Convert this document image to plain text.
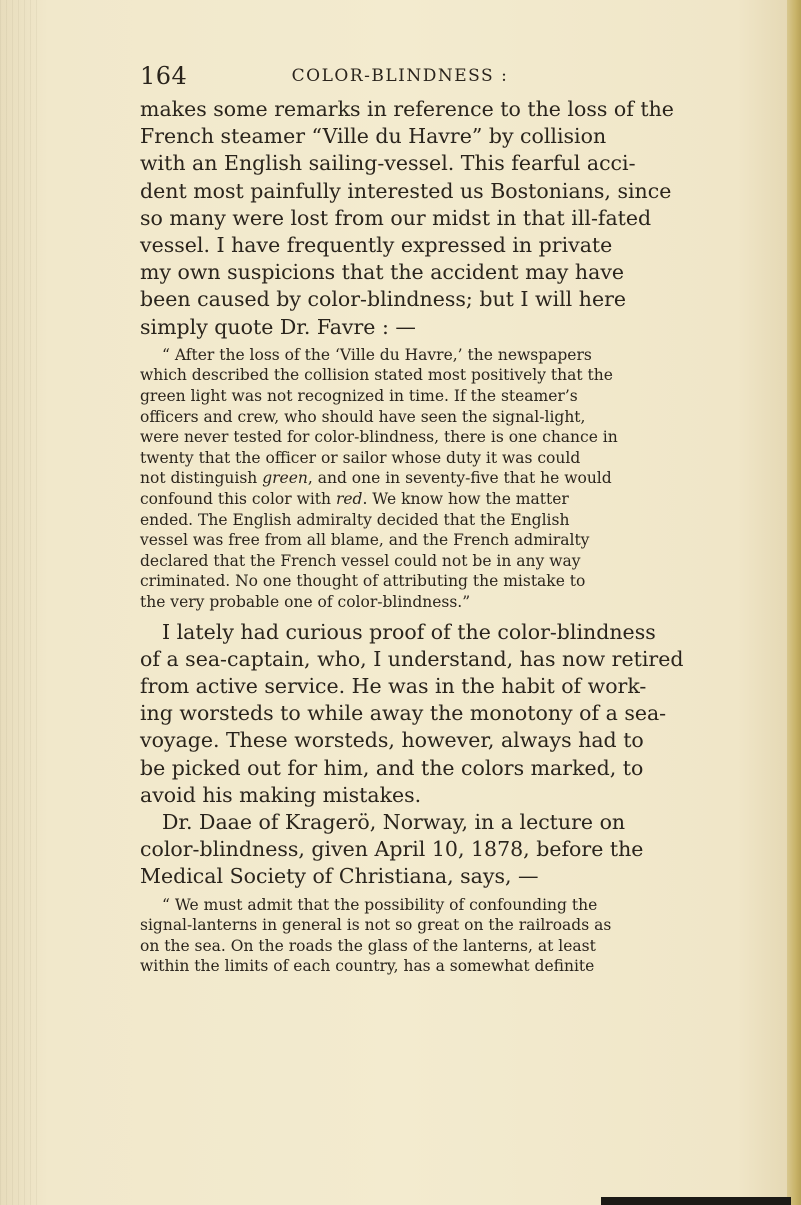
164	COLOR-BLINDNESS :

makes some remarks in reference to the loss of the
French steamer “Ville du Havre” by collision
with an English sailing-vessel. This fearful acci-
dent most painfully interested us Bostonians, since
so many were lost from our midst in that ill-fated
vessel. I have frequently expressed in private
my own suspicions that the accident may have
been caused by color-blindness; but I will here
simply quote Dr. Favre : —

“ After the loss of the ‘Ville du Havre,’ the newspapers
which described the collision stated most positively that the
green light was not recognized in time. If the steamer’s
officers and crew, who should have seen the signal-light,
were never tested for color-blindness, there is one chance in
twenty that the officer or sailor whose duty it was could
not distinguish green, and one in seventy-five that he would
confound this color with red. We know how the matter
ended. The English admiralty decided that the English
vessel was free from all blame, and the French admiralty
declared that the French vessel could not be in any way
criminated. No one thought of attributing the mistake to
the very probable one of color-blindness.”

I lately had curious proof of the color-blindness
of a sea-captain, who, I understand, has now retired
from active service. He was in the habit of work-
ing worsteds to while away the monotony of a sea-
voyage. These worsteds, however, always had to
be picked out for him, and the colors marked, to
avoid his making mistakes.

Dr. Daae of Kragerö, Norway, in a lecture on
color-blindness, given April 10, 1878, before the
Medical Society of Christiana, says, —

“ We must admit that the possibility of confounding the
signal-lanterns in general is not so great on the railroads as
on the sea. On the roads the glass of the lanterns, at least
within the limits of each country, has a somewhat definite
